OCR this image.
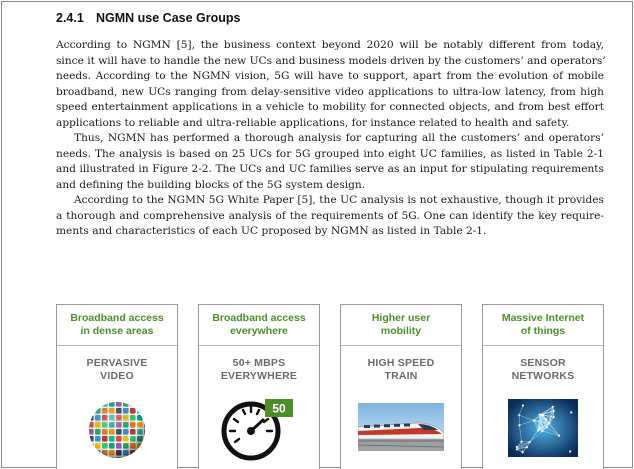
2.4.1 NGMN use Case Groups

According to NGMN [5], the business context beyond 2020 will be notably different from today,
since it will have to handle the new UCs and business models driven by the customers’ and operators’
needs. According to the NGMN vision, 5G will have to support, apart from the evolution of mobile
broadband, new UCs ranging from delay-sensitive video applications to ultra-low latency, from high
speed entertainment applications in a vehicle to mobility for connected objects, and from best effort
applications to reliable and ultra-reliable applications, for instance related to health and safety.

Thus, NGMN has performed a thorough analysis for capturing all the customers’ and operators’
needs. The analysis is based on 25 UCs for 5G grouped into eight UC families, as listed in Table 2-1
and illustrated in Figure 2-2. The UCs and UC families serve as an input for stipulating requirements
and defining the building blocks of the 5G system design.

According to the NGMN 5G White Paper [5], the UC analysis is not exhaustive, though it provides
a thorough and comprehensive analysis of the requirements of 5G. One can identify the key require-
ments and characteristics of each UC proposed by NGMN as listed in Table 2-1.

Broadband access
in dense areas
PERVASIVE
VIDEO
Broadband access
everywhere
50+ MBPS
EVERYWHERE
50
Higher user
mobility
HIGH SPEED
TRAIN
Massive Internet
of things
SENSOR
NETWORKS
